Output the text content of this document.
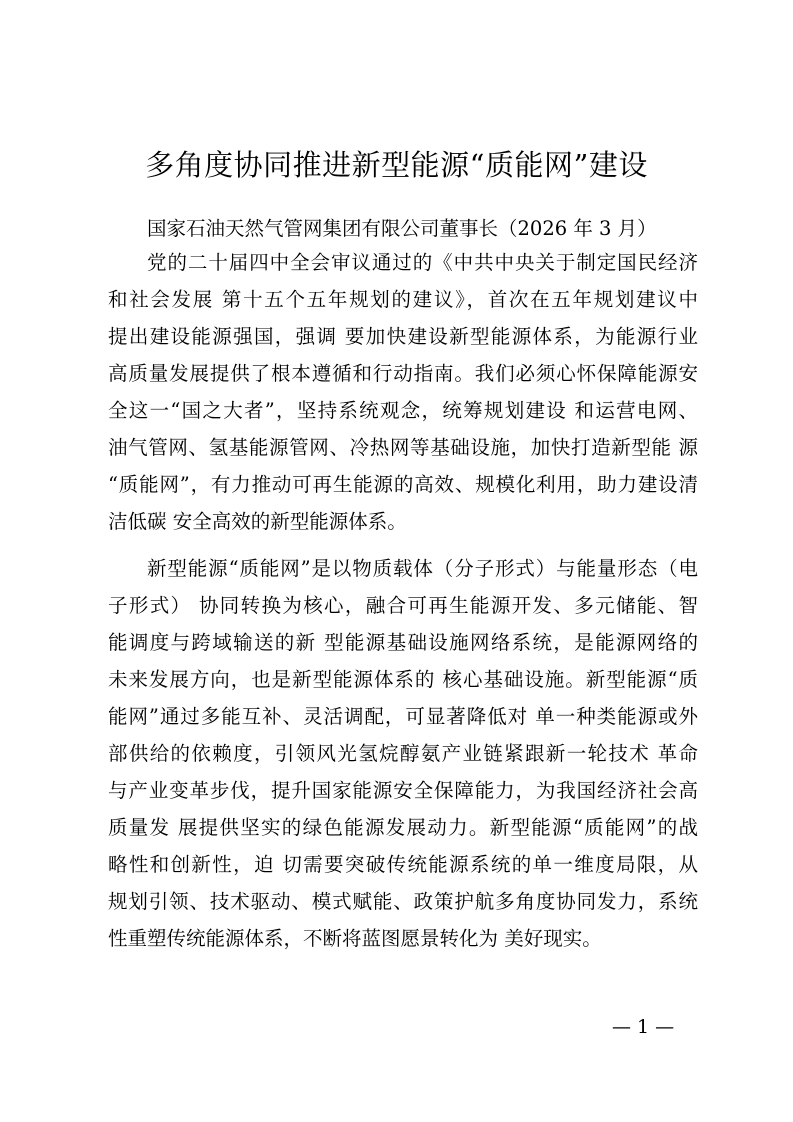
多角度协同推进新型能源“质能网”建设
国家石油天然气管网集团有限公司董事长（2026 年 3 月）
党的二十届四中全会审议通过的《中共中央关于制定国民经济
和社会发展 第十五个五年规划的建议》，首次在五年规划建议中
提出建设能源强国，强调 要加快建设新型能源体系，为能源行业
高质量发展提供了根本遵循和行动指南。我们必须心怀保障能源安
全这一“国之大者”，坚持系统观念，统筹规划建设 和运营电网、
油气管网、氢基能源管网、冷热网等基础设施，加快打造新型能 源
“质能网”，有力推动可再生能源的高效、规模化利用，助力建设清
洁低碳 安全高效的新型能源体系。
新型能源“质能网”是以物质载体（分子形式）与能量形态（电
子形式） 协同转换为核心，融合可再生能源开发、多元储能、智
能调度与跨域输送的新 型能源基础设施网络系统，是能源网络的
未来发展方向，也是新型能源体系的 核心基础设施。新型能源“质
能网”通过多能互补、灵活调配，可显著降低对 单一种类能源或外
部供给的依赖度，引领风光氢烷醇氨产业链紧跟新一轮技术 革命
与产业变革步伐，提升国家能源安全保障能力，为我国经济社会高
质量发 展提供坚实的绿色能源发展动力。新型能源“质能网”的战
略性和创新性，迫 切需要突破传统能源系统的单一维度局限，从
规划引领、技术驱动、模式赋能、政策护航多角度协同发力，系统
性重塑传统能源体系，不断将蓝图愿景转化为 美好现实。
— 1 —
